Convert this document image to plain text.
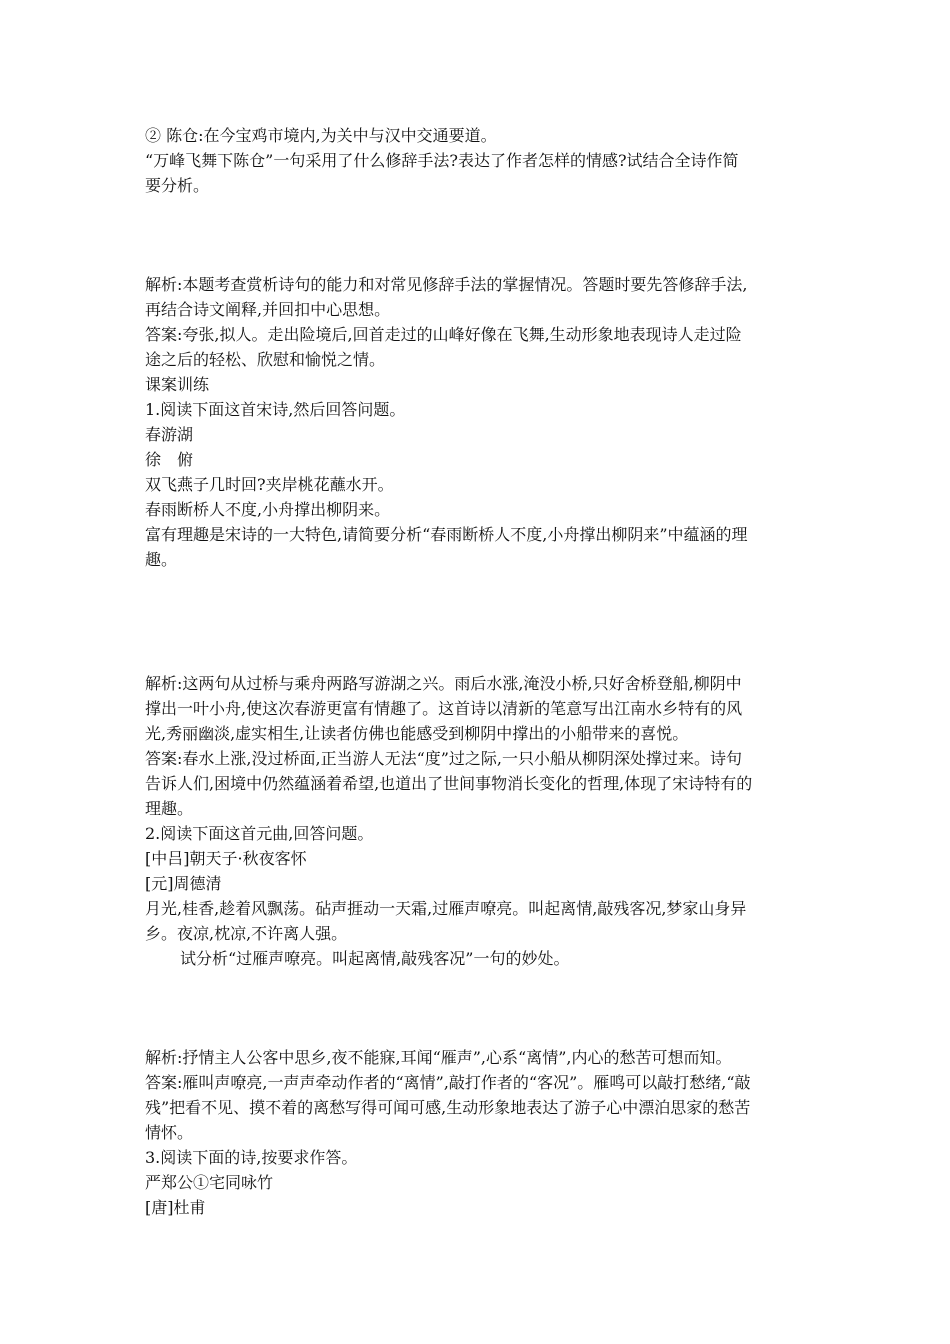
② 陈仓:在今宝鸡市境内,为关中与汉中交通要道。
“万峰飞舞下陈仓”一句采用了什么修辞手法?表达了作者怎样的情感?试结合全诗作简
要分析。
解析:本题考查赏析诗句的能力和对常见修辞手法的掌握情况。答题时要先答修辞手法,
再结合诗文阐释,并回扣中心思想。
答案:夸张,拟人。走出险境后,回首走过的山峰好像在飞舞,生动形象地表现诗人走过险
途之后的轻松、欣慰和愉悦之情。
课案训练
1.阅读下面这首宋诗,然后回答问题。
春游湖
徐　俯
双飞燕子几时回?夹岸桃花蘸水开。
春雨断桥人不度,小舟撑出柳阴来。
富有理趣是宋诗的一大特色,请简要分析“春雨断桥人不度,小舟撑出柳阴来”中蕴涵的理
趣。
解析:这两句从过桥与乘舟两路写游湖之兴。雨后水涨,淹没小桥,只好舍桥登船,柳阴中
撑出一叶小舟,使这次春游更富有情趣了。这首诗以清新的笔意写出江南水乡特有的风
光,秀丽幽淡,虚实相生,让读者仿佛也能感受到柳阴中撑出的小船带来的喜悦。
答案:春水上涨,没过桥面,正当游人无法“度”过之际,一只小船从柳阴深处撑过来。诗句
告诉人们,困境中仍然蕴涵着希望,也道出了世间事物消长变化的哲理,体现了宋诗特有的
理趣。
2.阅读下面这首元曲,回答问题。
[中吕]朝天子·秋夜客怀
[元]周德清
月光,桂香,趁着风飘荡。砧声捱动一天霜,过雁声嘹亮。叫起离情,敲残客况,梦家山身异
乡。夜凉,枕凉,不许离人强。
试分析“过雁声嘹亮。叫起离情,敲残客况”一句的妙处。
解析:抒情主人公客中思乡,夜不能寐,耳闻“雁声”,心系“离情”,内心的愁苦可想而知。
答案:雁叫声嘹亮,一声声牵动作者的“离情”,敲打作者的“客况”。雁鸣可以敲打愁绪,“敲
残”把看不见、摸不着的离愁写得可闻可感,生动形象地表达了游子心中漂泊思家的愁苦
情怀。
3.阅读下面的诗,按要求作答。
严郑公①宅同咏竹
[唐]杜甫
